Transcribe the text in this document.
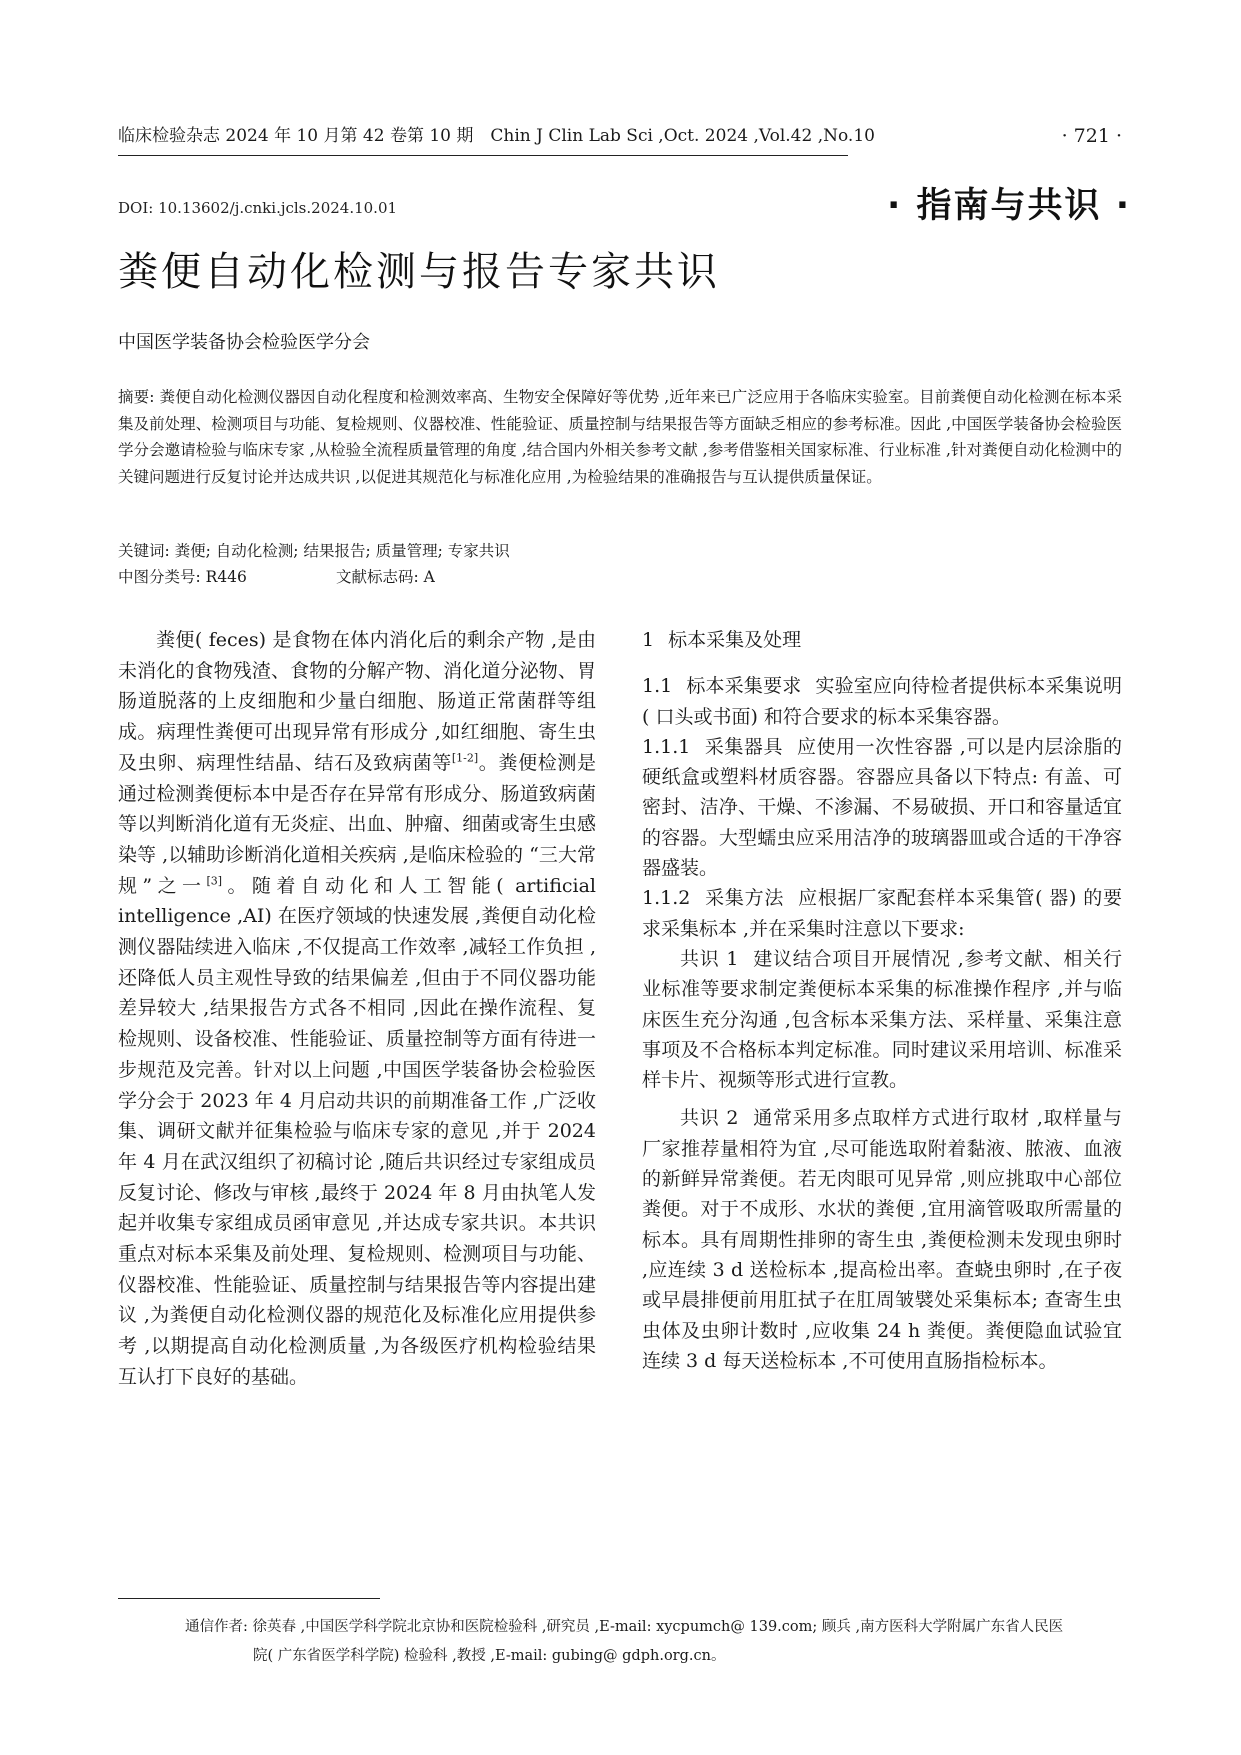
临床检验杂志 2024 年 10 月第 42 卷第 10 期　Chin J Clin Lab Sci ,Oct. 2024 ,Vol.42 ,No.10	· 721 ·
· 指南与共识 ·
DOI: 10.13602/j.cnki.jcls.2024.10.01
粪便自动化检测与报告专家共识
中国医学装备协会检验医学分会

摘要: 粪便自动化检测仪器因自动化程度和检测效率高、生物安全保障好等优势 ,近年来已广泛应用于各临床实验室。目前粪便自动化检测在标本采集及前处理、检测项目与功能、复检规则、仪器校准、性能验证、质量控制与结果报告等方面缺乏相应的参考标准。因此 ,中国医学装备协会检验医学分会邀请检验与临床专家 ,从检验全流程质量管理的角度 ,结合国内外相关参考文献 ,参考借鉴相关国家标准、行业标准 ,针对粪便自动化检测中的关键问题进行反复讨论并达成共识 ,以促进其规范化与标准化应用 ,为检验结果的准确报告与互认提供质量保证。

关键词: 粪便; 自动化检测; 结果报告; 质量管理; 专家共识
中图分类号: R446	文献标志码: A

粪便( feces) 是食物在体内消化后的剩余产物 ,是由未消化的食物残渣、食物的分解产物、消化道分泌物、胃肠道脱落的上皮细胞和少量白细胞、肠道正常菌群等组成。病理性粪便可出现异常有形成分 ,如红细胞、寄生虫及虫卵、病理性结晶、结石及致病菌等[1-2]。粪便检测是通过检测粪便标本中是否存在异常有形成分、肠道致病菌等以判断消化道有无炎症、出血、肿瘤、细菌或寄生虫感染等 ,以辅助诊断消化道相关疾病 ,是临床检验的 “三大常规”之一[3]。随着自动化和人工智能( artificial intelligence ,AI) 在医疗领域的快速发展 ,粪便自动化检测仪器陆续进入临床 ,不仅提高工作效率 ,减轻工作负担 ,还降低人员主观性导致的结果偏差 ,但由于不同仪器功能差异较大 ,结果报告方式各不相同 ,因此在操作流程、复检规则、设备校准、性能验证、质量控制等方面有待进一步规范及完善。针对以上问题 ,中国医学装备协会检验医学分会于 2023 年 4 月启动共识的前期准备工作 ,广泛收集、调研文献并征集检验与临床专家的意见 ,并于 2024 年 4 月在武汉组织了初稿讨论 ,随后共识经过专家组成员反复讨论、修改与审核 ,最终于 2024 年 8 月由执笔人发起并收集专家组成员函审意见 ,并达成专家共识。本共识重点对标本采集及前处理、复检规则、检测项目与功能、仪器校准、性能验证、质量控制与结果报告等内容提出建议 ,为粪便自动化检测仪器的规范化及标准化应用提供参考 ,以期提高自动化检测质量 ,为各级医疗机构检验结果互认打下良好的基础。

1 标本采集及处理

1.1 标本采集要求 实验室应向待检者提供标本采集说明( 口头或书面) 和符合要求的标本采集容器。

1.1.1 采集器具 应使用一次性容器 ,可以是内层涂脂的硬纸盒或塑料材质容器。容器应具备以下特点: 有盖、可密封、洁净、干燥、不渗漏、不易破损、开口和容量适宜的容器。大型蠕虫应采用洁净的玻璃器皿或合适的干净容器盛装。

1.1.2 采集方法 应根据厂家配套样本采集管( 器) 的要求采集标本 ,并在采集时注意以下要求:

共识 1 建议结合项目开展情况 ,参考文献、相关行业标准等要求制定粪便标本采集的标准操作程序 ,并与临床医生充分沟通 ,包含标本采集方法、采样量、采集注意事项及不合格标本判定标准。同时建议采用培训、标准采样卡片、视频等形式进行宣教。

共识 2 通常采用多点取样方式进行取材 ,取样量与厂家推荐量相符为宜 ,尽可能选取附着黏液、脓液、血液的新鲜异常粪便。若无肉眼可见异常 ,则应挑取中心部位粪便。对于不成形、水状的粪便 ,宜用滴管吸取所需量的标本。具有周期性排卵的寄生虫 ,粪便检测未发现虫卵时 ,应连续 3 d 送检标本 ,提高检出率。查蛲虫卵时 ,在子夜或早晨排便前用肛拭子在肛周皱襞处采集标本; 查寄生虫虫体及虫卵计数时 ,应收集 24 h 粪便。粪便隐血试验宜连续 3 d 每天送检标本 ,不可使用直肠指检标本。

通信作者: 徐英春 ,中国医学科学院北京协和医院检验科 ,研究员 ,E-mail: xycpumch@ 139.com; 顾兵 ,南方医科大学附属广东省人民医
院( 广东省医学科学院) 检验科 ,教授 ,E-mail: gubing@ gdph.org.cn。
